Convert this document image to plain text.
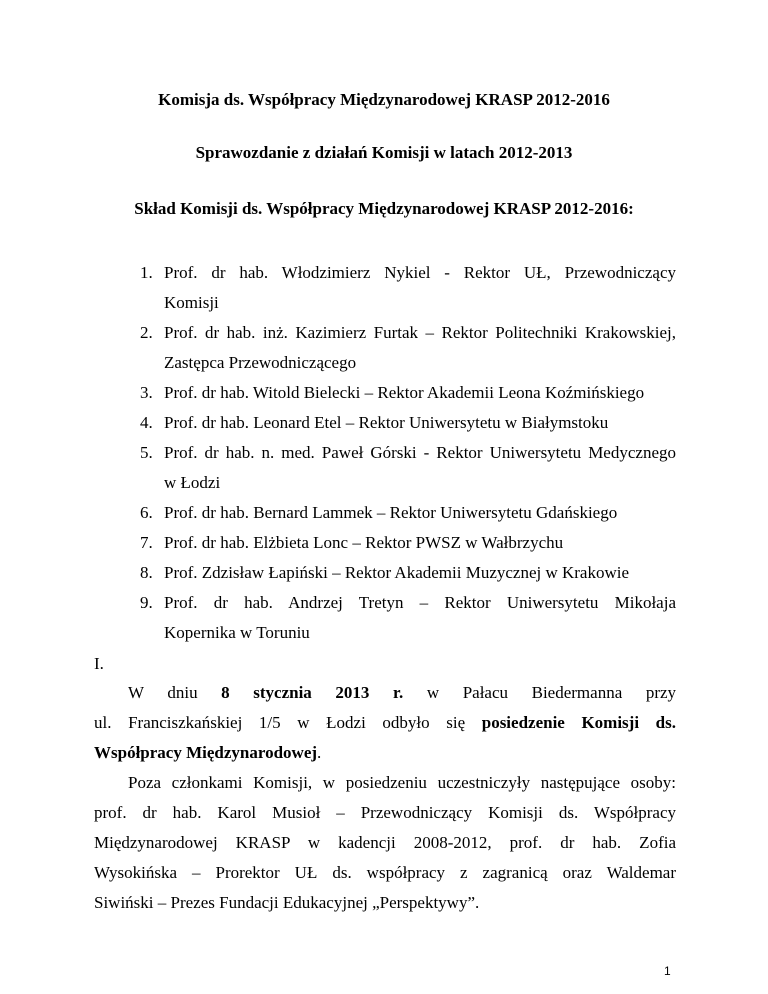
Komisja ds. Współpracy Międzynarodowej KRASP 2012-2016
Sprawozdanie z działań Komisji w latach 2012-2013
Skład Komisji ds. Współpracy Międzynarodowej KRASP 2012-2016:
1. Prof. dr hab. Włodzimierz Nykiel - Rektor UŁ, Przewodniczący
Komisji
2. Prof. dr hab. inż. Kazimierz Furtak – Rektor Politechniki Krakowskiej,
Zastępca Przewodniczącego
3. Prof. dr hab. Witold Bielecki – Rektor Akademii Leona Koźmińskiego
4. Prof. dr hab. Leonard Etel – Rektor Uniwersytetu w Białymstoku
5. Prof. dr hab. n. med. Paweł Górski - Rektor Uniwersytetu Medycznego
w Łodzi
6. Prof. dr hab. Bernard Lammek – Rektor Uniwersytetu Gdańskiego
7. Prof. dr hab. Elżbieta Lonc – Rektor PWSZ w Wałbrzychu
8. Prof. Zdzisław Łapiński – Rektor Akademii Muzycznej w Krakowie
9. Prof. dr hab. Andrzej Tretyn – Rektor Uniwersytetu Mikołaja
Kopernika w Toruniu
I.
W dniu 8 stycznia 2013 r. w Pałacu Biedermanna przy
ul. Franciszkańskiej 1/5 w Łodzi odbyło się posiedzenie Komisji ds.
Współpracy Międzynarodowej.
Poza członkami Komisji, w posiedzeniu uczestniczyły następujące osoby:
prof. dr hab. Karol Musioł – Przewodniczący Komisji ds. Współpracy
Międzynarodowej KRASP w kadencji 2008-2012, prof. dr hab. Zofia
Wysokińska – Prorektor UŁ ds. współpracy z zagranicą oraz Waldemar
Siwiński – Prezes Fundacji Edukacyjnej „Perspektywy”.
1
